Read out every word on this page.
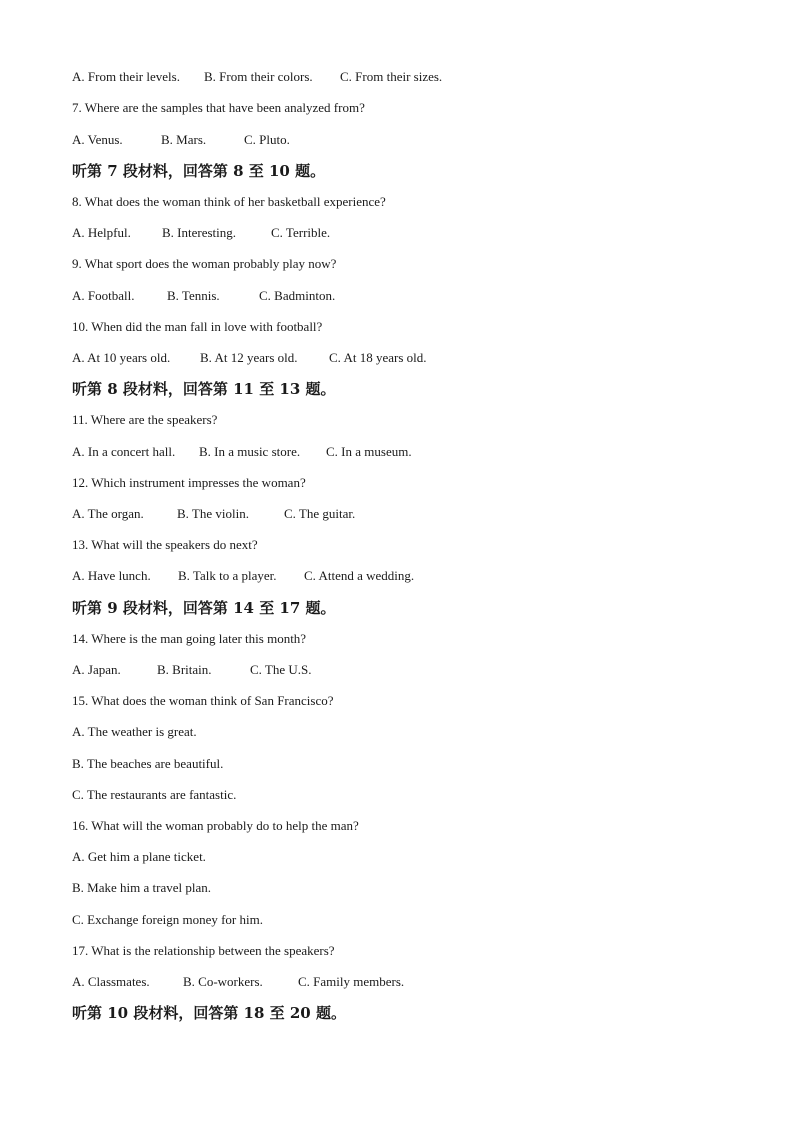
A. From their levels. B. From their colors. C. From their sizes.
7. Where are the samples that have been analyzed from?
A. Venus.	B. Mars.	C. Pluto.
听第 7 段材料，回答第 8 至 10 题。
8. What does the woman think of her basketball experience?
A. Helpful. B. Interesting.	C. Terrible.
9. What sport does the woman probably play now?
A. Football.	B. Tennis.	C. Badminton.
10. When did the man fall in love with football?
A. At 10 years old. B. At 12 years old. C. At 18 years old.
听第 8 段材料，回答第 11 至 13 题。
11. Where are the speakers?
A. In a concert hall. B. In a music store. C. In a museum.
12. Which instrument impresses the woman?
A. The organ.	B. The violin.	C. The guitar.
13. What will the speakers do next?
A. Have lunch. B. Talk to a player. C. Attend a wedding.
听第 9 段材料，回答第 14 至 17 题。
14. Where is the man going later this month?
A. Japan.	B. Britain.	C. The U.S.
15. What does the woman think of San Francisco?
A. The weather is great.
B. The beaches are beautiful.
C. The restaurants are fantastic.
16. What will the woman probably do to help the man?
A. Get him a plane ticket.
B. Make him a travel plan.
C. Exchange foreign money for him.
17. What is the relationship between the speakers?
A. Classmates.	B. Co-workers.	C. Family members.
听第 10 段材料，回答第 18 至 20 题。
